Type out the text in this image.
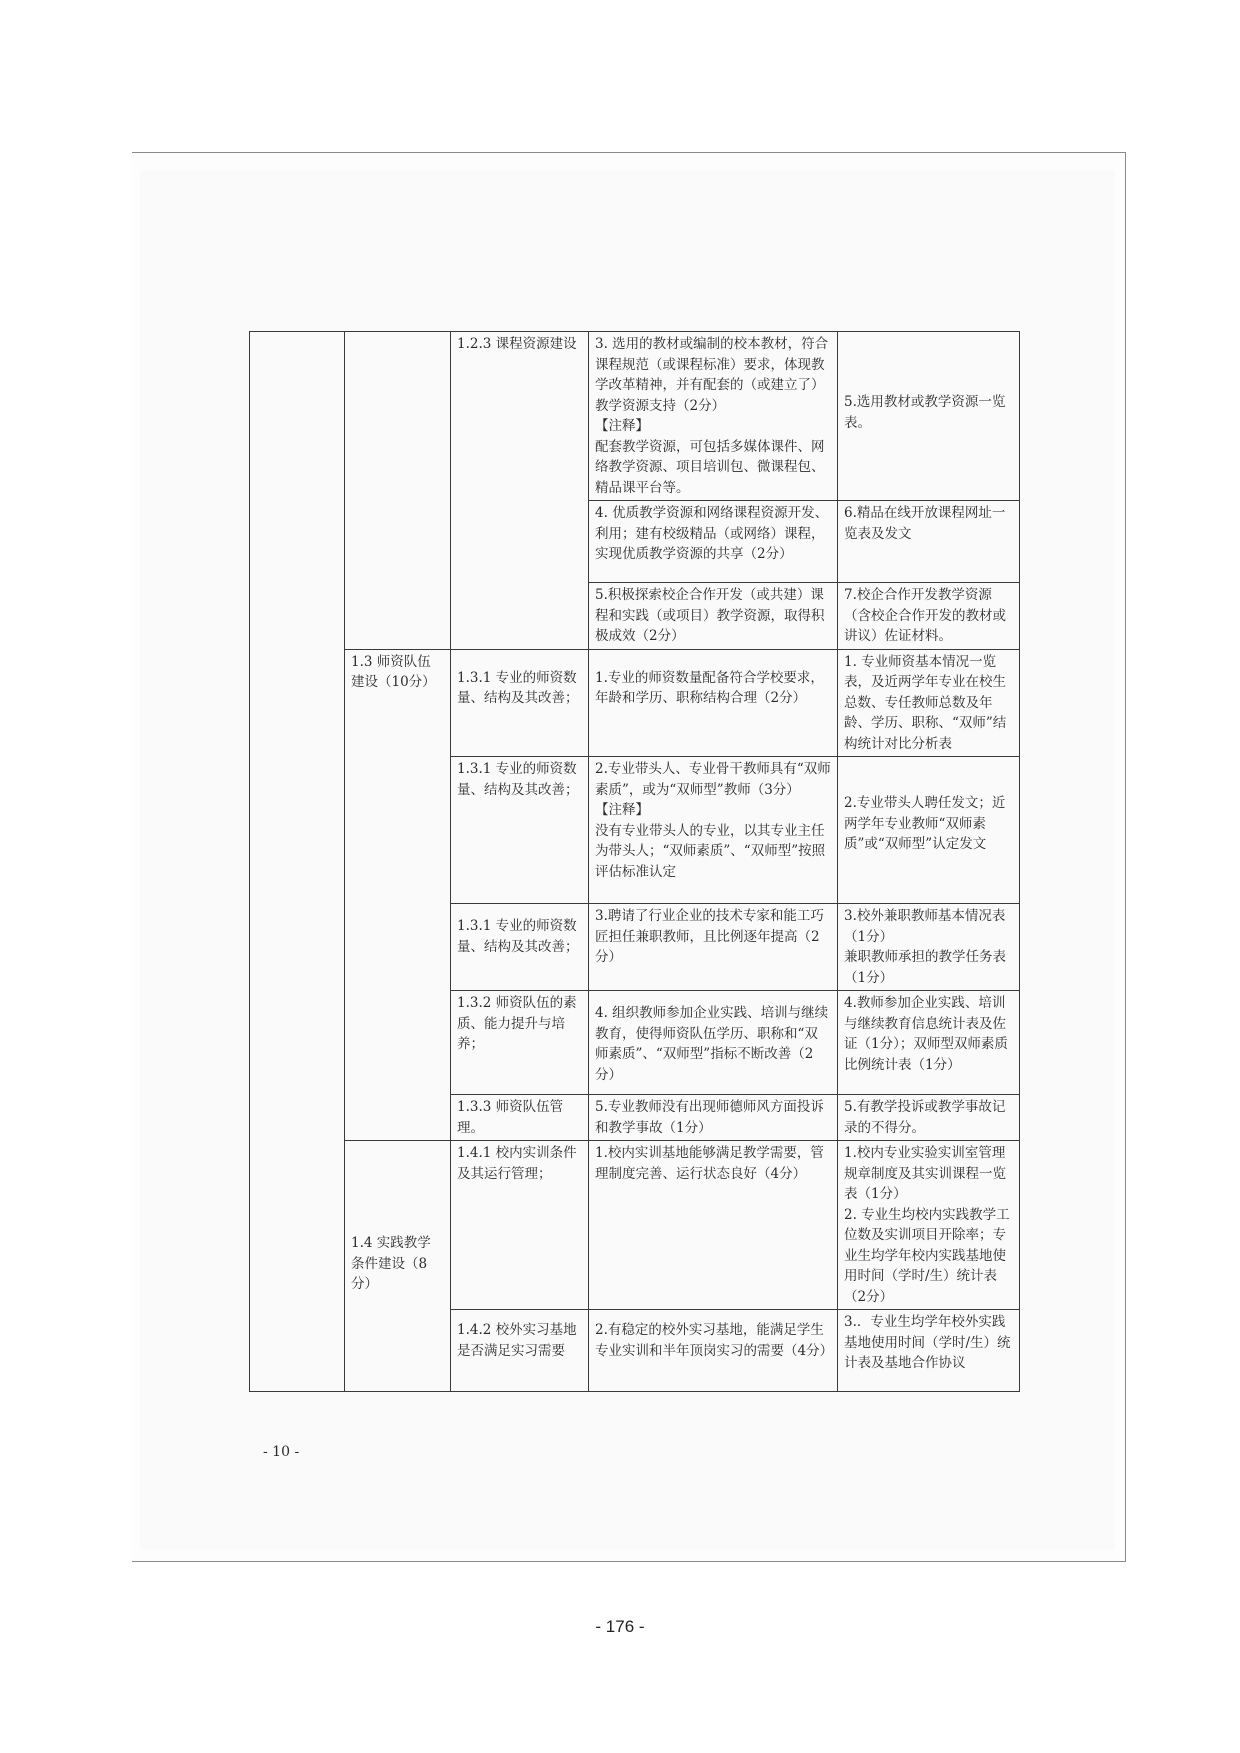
		1.2.3 课程资源建设	3. 选用的教材或编制的校本教材，符合课程规范（或课程标准）要求，体现教学改革精神，并有配套的（或建立了）教学资源支持（2分）
【注释】
配套教学资源，可包括多媒体课件、网络教学资源、项目培训包、微课程包、精品课平台等。	5.选用教材或教学资源一览表。
			4. 优质教学资源和网络课程资源开发、利用；建有校级精品（或网络）课程，实现优质教学资源的共享（2分）	6.精品在线开放课程网址一览表及发文
			5.积极探索校企合作开发（或共建）课程和实践（或项目）教学资源，取得积极成效（2分）	7.校企合作开发教学资源（含校企合作开发的教材或讲议）佐证材料。
	1.3 师资队伍建设（10分）	1.3.1 专业的师资数量、结构及其改善；	1.专业的师资数量配备符合学校要求，年龄和学历、职称结构合理（2分）	1. 专业师资基本情况一览表，及近两学年专业在校生总数、专任教师总数及年龄、学历、职称、“双师”结构统计对比分析表
		1.3.1 专业的师资数量、结构及其改善；	2.专业带头人、专业骨干教师具有“双师素质”，或为“双师型”教师（3分）
【注释】
没有专业带头人的专业，以其专业主任为带头人；“双师素质”、“双师型”按照评估标准认定	2.专业带头人聘任发文；近两学年专业教师“双师素质”或“双师型”认定发文
		1.3.1 专业的师资数量、结构及其改善；	3.聘请了行业企业的技术专家和能工巧匠担任兼职教师，且比例逐年提高（2分）	3.校外兼职教师基本情况表（1分）
兼职教师承担的教学任务表（1分）

		1.3.2 师资队伍的素质、能力提升与培养；	4. 组织教师参加企业实践、培训与继续教育，使得师资队伍学历、职称和“双师素质”、“双师型”指标不断改善（2分）	4.教师参加企业实践、培训与继续教育信息统计表及佐证（1分）；双师型双师素质比例统计表（1分）
		1.3.3 师资队伍管理。	5.专业教师没有出现师德师风方面投诉和教学事故（1分）	5.有教学投诉或教学事故记录的不得分。
	1.4 实践教学条件建设（8分）	1.4.1 校内实训条件及其运行管理；	1.校内实训基地能够满足教学需要，管理制度完善、运行状态良好（4分）	1.校内专业实验实训室管理规章制度及其实训课程一览表（1分）
2. 专业生均校内实践教学工位数及实训项目开除率；专业生均学年校内实践基地使用时间（学时/生）统计表　（2分）

		1.4.2 校外实习基地是否满足实习需要	2.有稳定的校外实习基地，能满足学生专业实训和半年顶岗实习的需要（4分）	3.．专业生均学年校外实践基地使用时间（学时/生）统计表及基地合作协议
- 10 -
- 176 -
